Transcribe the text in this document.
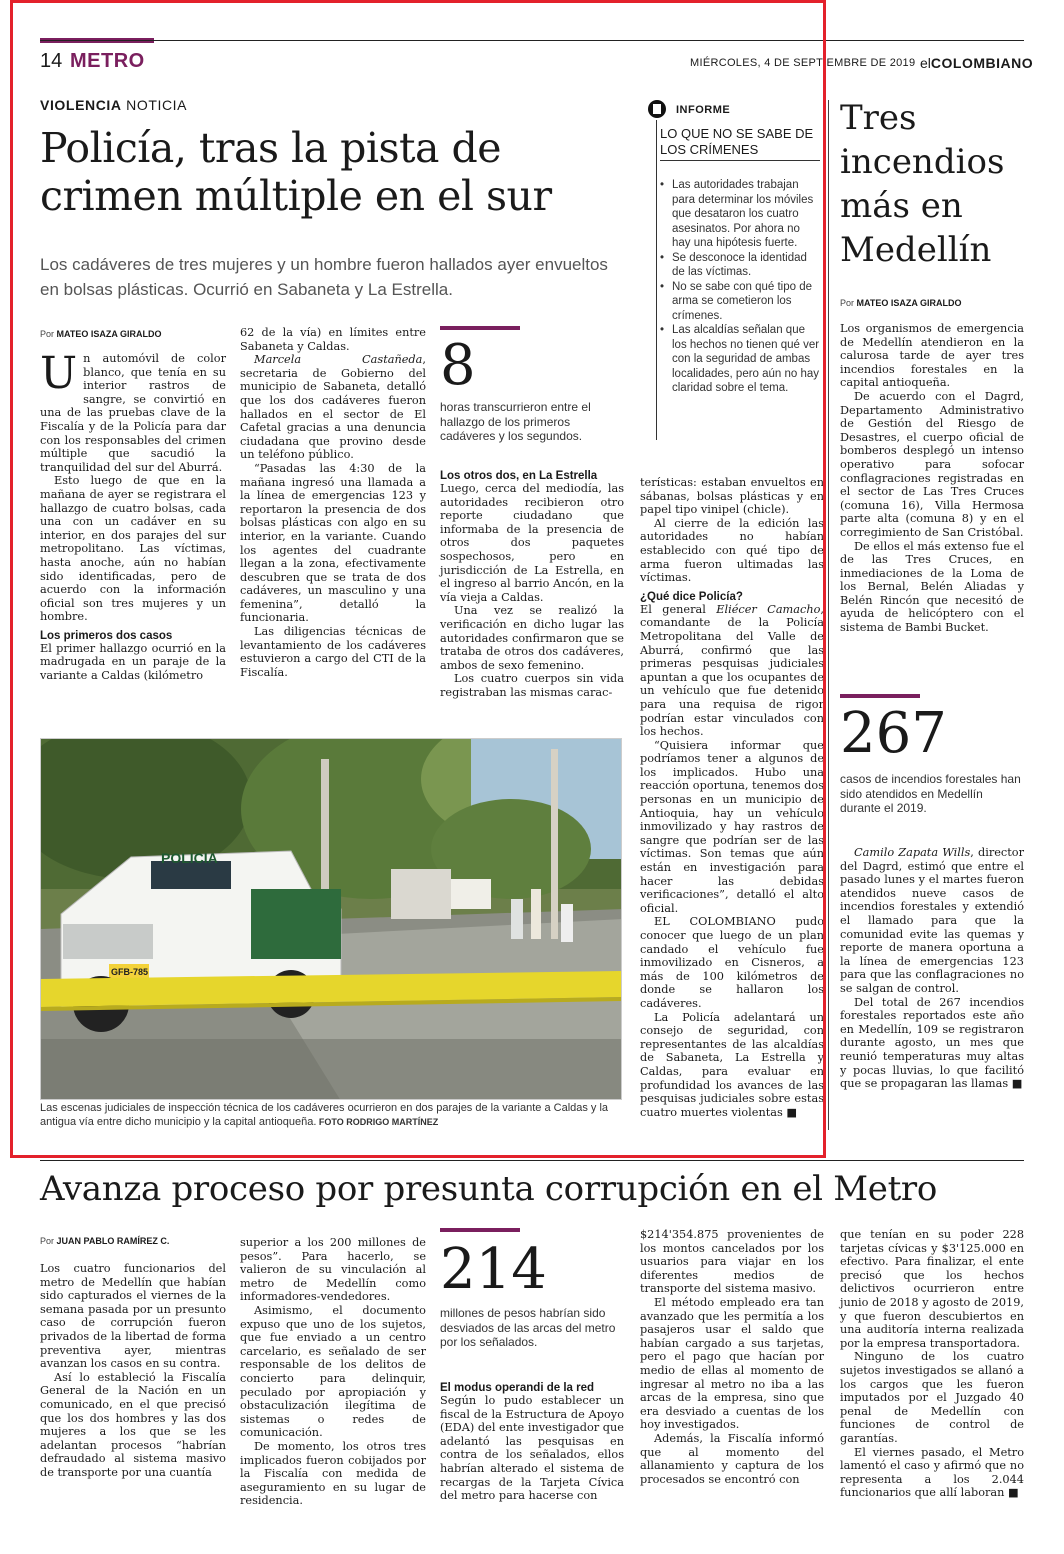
14 METRO	MIÉRCOLES, 4 DE SEPTIEMBRE DE 2019 elCOLOMBIANO
VIOLENCIA NOTICIA
Policía, tras la pista de crimen múltiple en el sur
Los cadáveres de tres mujeres y un hombre fueron hallados ayer envueltos en bolsas plásticas. Ocurrió en Sabaneta y La Estrella.
Por MATEO ISAZA GIRALDO

Un automóvil de color blanco, que tenía en su interior rastros de sangre, se convirtió en una de las pruebas clave de la Fiscalía y de la Policía para dar con los responsables del crimen múltiple que sacudió la tranquilidad del sur del Aburrá.

Esto luego de que en la mañana de ayer se registrara el hallazgo de cuatro bolsas, cada una con un cadáver en su interior, en dos parajes del sur metropolitano. Las víctimas, hasta anoche, aún no habían sido identificadas, pero de acuerdo con la información oficial son tres mujeres y un hombre.

Los primeros dos casos

El primer hallazgo ocurrió en la madrugada en un paraje de la variante a Caldas (kilómetro

62 de la vía) en límites entre Sabaneta y Caldas.

Marcela Castañeda, secretaria de Gobierno del municipio de Sabaneta, detalló que los dos cadáveres fueron hallados en el sector de El Cafetal gracias a una denuncia ciudadana que provino desde un teléfono público.

“Pasadas las 4:30 de la mañana ingresó una llamada a la línea de emergencias 123 y reportaron la presencia de dos bolsas plásticas con algo en su interior, en la variante. Cuando los agentes del cuadrante llegan a la zona, efectivamente descubren que se trata de dos cadáveres, un masculino y una femenina”, detalló la funcionaria.

Las diligencias técnicas de levantamiento de los cadáveres estuvieron a cargo del CTI de la Fiscalía.

8
horas transcurrieron entre el hallazgo de los primeros cadáveres y los segundos.
Los otros dos, en La Estrella

Luego, cerca del mediodía, las autoridades recibieron otro reporte ciudadano que informaba de la presencia de otros dos paquetes sospechosos, pero en jurisdicción de La Estrella, en el ingreso al barrio Ancón, en la vía vieja a Caldas.

Una vez se realizó la verificación en dicho lugar las autoridades confirmaron que se trataba de otros dos cadáveres, ambos de sexo femenino.

Los cuatro cuerpos sin vida registraban las mismas carac-

terísticas: estaban envueltos en sábanas, bolsas plásticas y en papel tipo vinipel (chicle).

Al cierre de la edición las autoridades no habían establecido con qué tipo de arma fueron ultimadas las víctimas.

¿Qué dice Policía?

El general Eliécer Camacho, comandante de la Policía Metropolitana del Valle de Aburrá, confirmó que las primeras pesquisas judiciales apuntan a que los ocupantes de un vehículo que fue detenido para una requisa de rigor podrían estar vinculados con los hechos.

“Quisiera informar que podríamos tener a algunos de los implicados. Hubo una reacción oportuna, tenemos dos personas en un municipio de Antioquia, hay un vehículo inmovilizado y hay rastros de sangre que podrían ser de las víctimas. Son temas que aún están en investigación para hacer las debidas verificaciones”, detalló el alto oficial.

EL COLOMBIANO pudo conocer que luego de un plan candado el vehículo fue inmovilizado en Cisneros, a más de 100 kilómetros de donde se hallaron los cadáveres.

La Policía adelantará un consejo de seguridad, con representantes de las alcaldías de Sabaneta, La Estrella y Caldas, para evaluar en profundidad los avances de las pesquisas judiciales sobre estas cuatro muertes violentas ■

INFORME
LO QUE NO SE SABE DE LOS CRÍMENES
• Las autoridades trabajan para determinar los móviles que desataron los cuatro asesinatos. Por ahora no hay una hipótesis fuerte.
• Se desconoce la identidad de las víctimas.
• No se sabe con qué tipo de arma se cometieron los crímenes.
• Las alcaldías señalan que los hechos no tienen qué ver con la seguridad de ambas localidades, pero aún no hay claridad sobre el tema.
POLICIA
GFB-785
Las escenas judiciales de inspección técnica de los cadáveres ocurrieron en dos parajes de la variante a Caldas y la antigua vía entre dicho municipio y la capital antioqueña. FOTO RODRIGO MARTÍNEZ
Tres incendios más en Medellín
Por MATEO ISAZA GIRALDO

Los organismos de emergencia de Medellín atendieron en la calurosa tarde de ayer tres incendios forestales en la capital antioqueña.

De acuerdo con el Dagrd, Departamento Administrativo de Gestión del Riesgo de Desastres, el cuerpo oficial de bomberos desplegó un intenso operativo para sofocar conflagraciones registradas en el sector de Las Tres Cruces (comuna 16), Villa Hermosa parte alta (comuna 8) y en el corregimiento de San Cristóbal.

De ellos el más extenso fue el de las Tres Cruces, en inmediaciones de la Loma de los Bernal, Belén Aliadas y Belén Rincón que necesitó de ayuda de helicóptero con el sistema de Bambi Bucket.

267
casos de incendios forestales han sido atendidos en Medellín durante el 2019.

Camilo Zapata Wills, director del Dagrd, estimó que entre el pasado lunes y el martes fueron atendidos nueve casos de incendios forestales y extendió el llamado para que la comunidad evite las quemas y reporte de manera oportuna a la línea de emergencias 123 para que las conflagraciones no se salgan de control.

Del total de 267 incendios forestales reportados este año en Medellín, 109 se registraron durante agosto, un mes que reunió temperaturas muy altas y pocas lluvias, lo que facilitó que se propagaran las llamas ■

Avanza proceso por presunta corrupción en el Metro
Por JUAN PABLO RAMÍREZ C.

Los cuatro funcionarios del metro de Medellín que habían sido capturados el viernes de la semana pasada por un presunto caso de corrupción fueron privados de la libertad de forma preventiva ayer, mientras avanzan los casos en su contra.

Así lo estableció la Fiscalía General de la Nación en un comunicado, en el que precisó que los dos hombres y las dos mujeres a los que se les adelantan procesos “habrían defraudado al sistema masivo de transporte por una cuantía

superior a los 200 millones de pesos”. Para hacerlo, se valieron de su vinculación al metro de Medellín como informadores-vendedores.

Asimismo, el documento expuso que uno de los sujetos, que fue enviado a un centro carcelario, es señalado de ser responsable de los delitos de concierto para delinquir, peculado por apropiación y obstaculización ilegítima de sistemas o redes de comunicación.

De momento, los otros tres implicados fueron cobijados por la Fiscalía con medida de aseguramiento en su lugar de residencia.

214
millones de pesos habrían sido desviados de las arcas del metro por los señalados.
El modus operandi de la red

Según lo pudo establecer un fiscal de la Estructura de Apoyo (EDA) del ente investigador que adelantó las pesquisas en contra de los señalados, ellos habrían alterado el sistema de recargas de la Tarjeta Cívica del metro para hacerse con

$214'354.875 provenientes de los montos cancelados por los usuarios para viajar en los diferentes medios de transporte del sistema masivo.

El método empleado era tan avanzado que les permitía a los pasajeros usar el saldo que habían cargado a sus tarjetas, pero el pago que hacían por medio de ellas al momento de ingresar al metro no iba a las arcas de la empresa, sino que era desviado a cuentas de los hoy investigados.

Además, la Fiscalía informó que al momento del allanamiento y captura de los procesados se encontró con

que tenían en su poder 228 tarjetas cívicas y $3'125.000 en efectivo. Para finalizar, el ente precisó que los hechos delictivos ocurrieron entre junio de 2018 y agosto de 2019, y que fueron descubiertos en una auditoría interna realizada por la empresa transportadora.

Ninguno de los cuatro sujetos investigados se allanó a los cargos que les fueron imputados por el Juzgado 40 penal de Medellín con funciones de control de garantías.

El viernes pasado, el Metro lamentó el caso y afirmó que no representa a los 2.044 funcionarios que allí laboran ■
